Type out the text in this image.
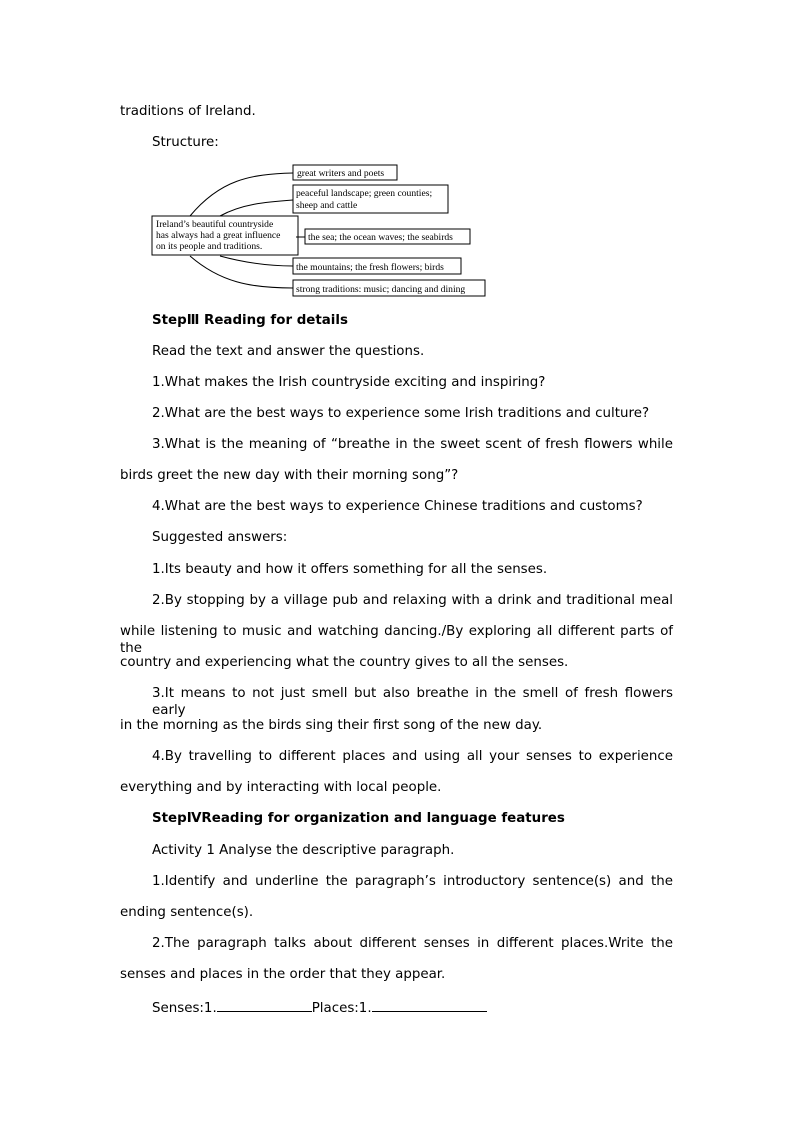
traditions of Ireland.
Structure:
Ireland’s beautiful countryside
has always had a great influence
on its people and traditions.
great writers and poets
peaceful landscape; green counties;
sheep and cattle
the sea; the ocean waves; the seabirds
the mountains; the fresh flowers; birds
strong traditions: music; dancing and dining
StepⅢ Reading for details
Read the text and answer the questions.
1.What makes the Irish countryside exciting and inspiring?
2.What are the best ways to experience some Irish traditions and culture?
3.What is the meaning of “breathe in the sweet scent of fresh flowers while
birds greet the new day with their morning song”?
4.What are the best ways to experience Chinese traditions and customs?
Suggested answers:
1.Its beauty and how it offers something for all the senses.
2.By stopping by a village pub and relaxing with a drink and traditional meal
while listening to music and watching dancing./By exploring all different parts of the
country and experiencing what the country gives to all the senses.
3.It means to not just smell but also breathe in the smell of fresh flowers early
in the morning as the birds sing their first song of the new day.
4.By travelling to different places and using all your senses to experience
everything and by interacting with local people.
StepⅣReading for organization and language features
Activity 1 Analyse the descriptive paragraph.
1.Identify and underline the paragraph’s introductory sentence(s) and the
ending sentence(s).
2.The paragraph talks about different senses in different places.Write the
senses and places in the order that they appear.
Senses:1.	Places:1.
